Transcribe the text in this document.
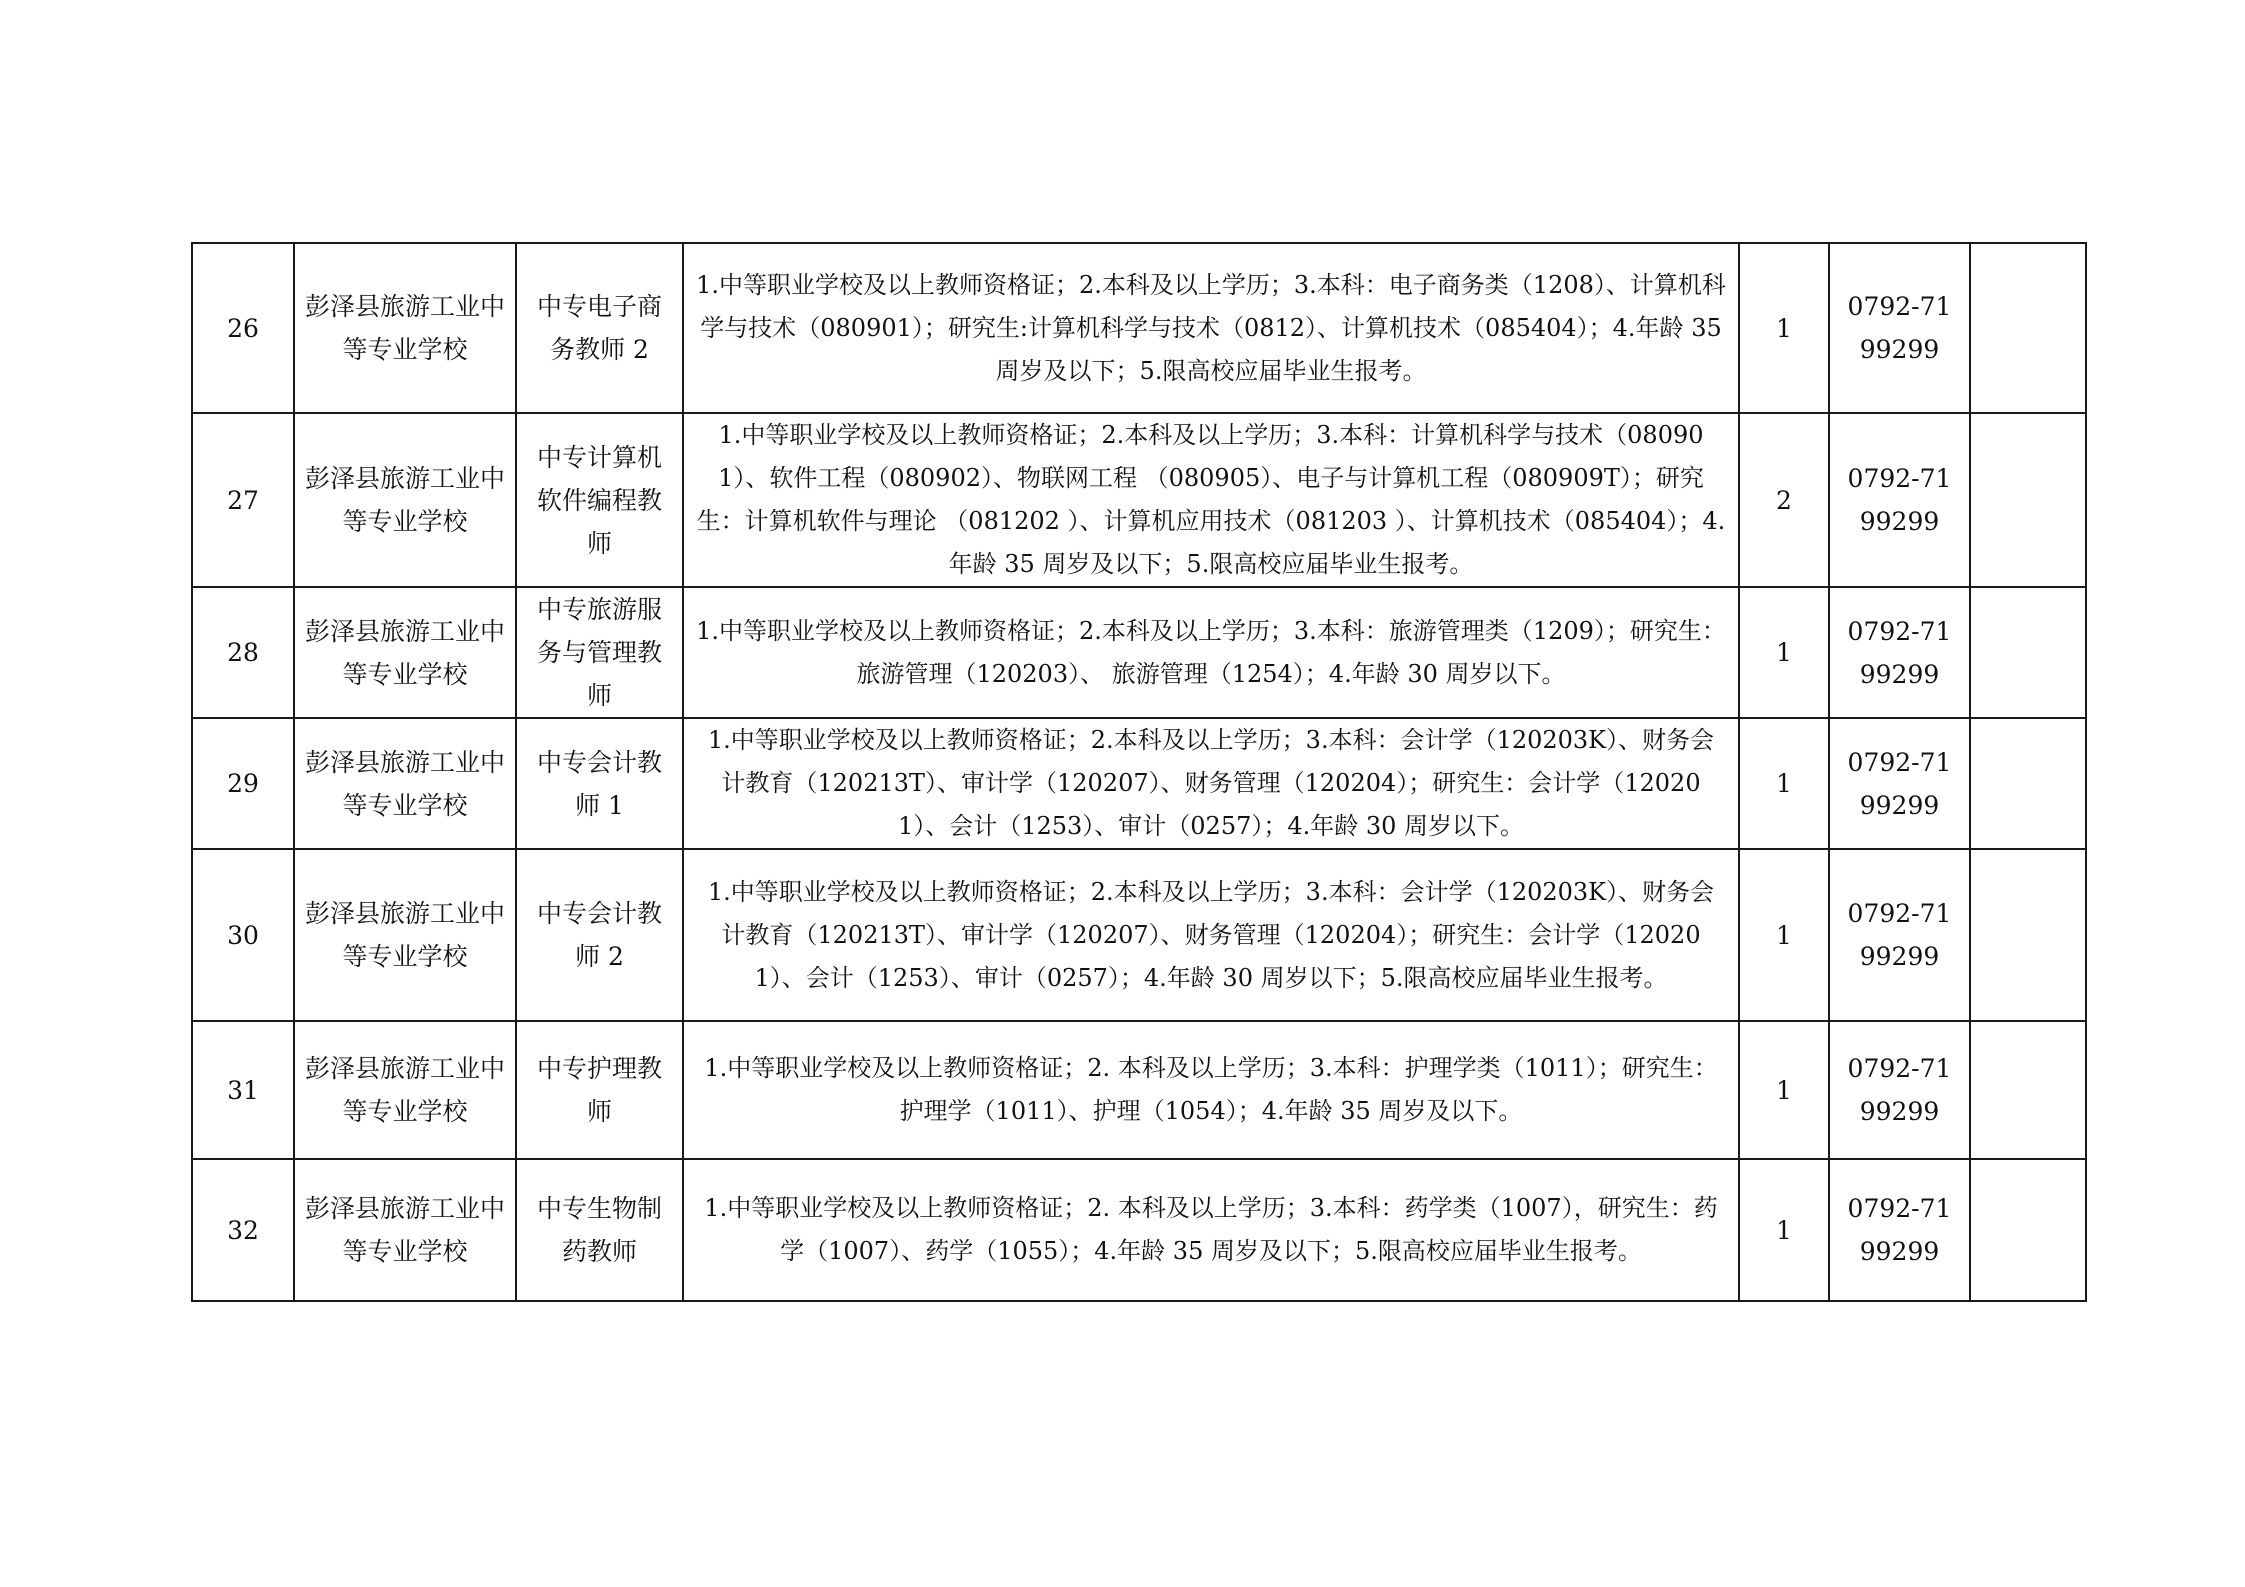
26	彭泽县旅游工业中等专业学校	中专电子商务教师 2	1.中等职业学校及以上教师资格证；2.本科及以上学历；3.本科：电子商务类（1208）、计算机科学与技术（080901）；研究生:计算机科学与技术（0812）、计算机技术（085404）；4.年龄 35 周岁及以下；5.限高校应届毕业生报考。	1	0792-7199299	
27	彭泽县旅游工业中等专业学校	中专计算机软件编程教师	1.中等职业学校及以上教师资格证；2.本科及以上学历；3.本科：计算机科学与技术（080901）、软件工程（080902）、物联网工程 （080905）、电子与计算机工程（080909T）；研究生：计算机软件与理论 （081202 ）、计算机应用技术（081203 ）、计算机技术（085404）；4.年龄 35 周岁及以下；5.限高校应届毕业生报考。	2	0792-7199299	
28	彭泽县旅游工业中等专业学校	中专旅游服务与管理教师	1.中等职业学校及以上教师资格证；2.本科及以上学历；3.本科：旅游管理类（1209）；研究生：旅游管理（120203）、 旅游管理（1254）；4.年龄 30 周岁以下。	1	0792-7199299	
29	彭泽县旅游工业中等专业学校	中专会计教师 1	1.中等职业学校及以上教师资格证；2.本科及以上学历；3.本科：会计学（120203K）、财务会计教育（120213T）、审计学（120207）、财务管理（120204）；研究生：会计学（120201）、会计（1253）、审计（0257）；4.年龄 30 周岁以下。	1	0792-7199299	
30	彭泽县旅游工业中等专业学校	中专会计教师 2	1.中等职业学校及以上教师资格证；2.本科及以上学历；3.本科：会计学（120203K）、财务会计教育（120213T）、审计学（120207）、财务管理（120204）；研究生：会计学（120201）、会计（1253）、审计（0257）；4.年龄 30 周岁以下；5.限高校应届毕业生报考。	1	0792-7199299	
31	彭泽县旅游工业中等专业学校	中专护理教师	1.中等职业学校及以上教师资格证；2. 本科及以上学历；3.本科：护理学类（1011）；研究生：护理学（1011）、护理（1054）；4.年龄 35 周岁及以下。	1	0792-7199299	
32	彭泽县旅游工业中等专业学校	中专生物制药教师	1.中等职业学校及以上教师资格证；2. 本科及以上学历；3.本科：药学类（1007），研究生：药学（1007）、药学（1055）；4.年龄 35 周岁及以下；5.限高校应届毕业生报考。	1	0792-7199299	
